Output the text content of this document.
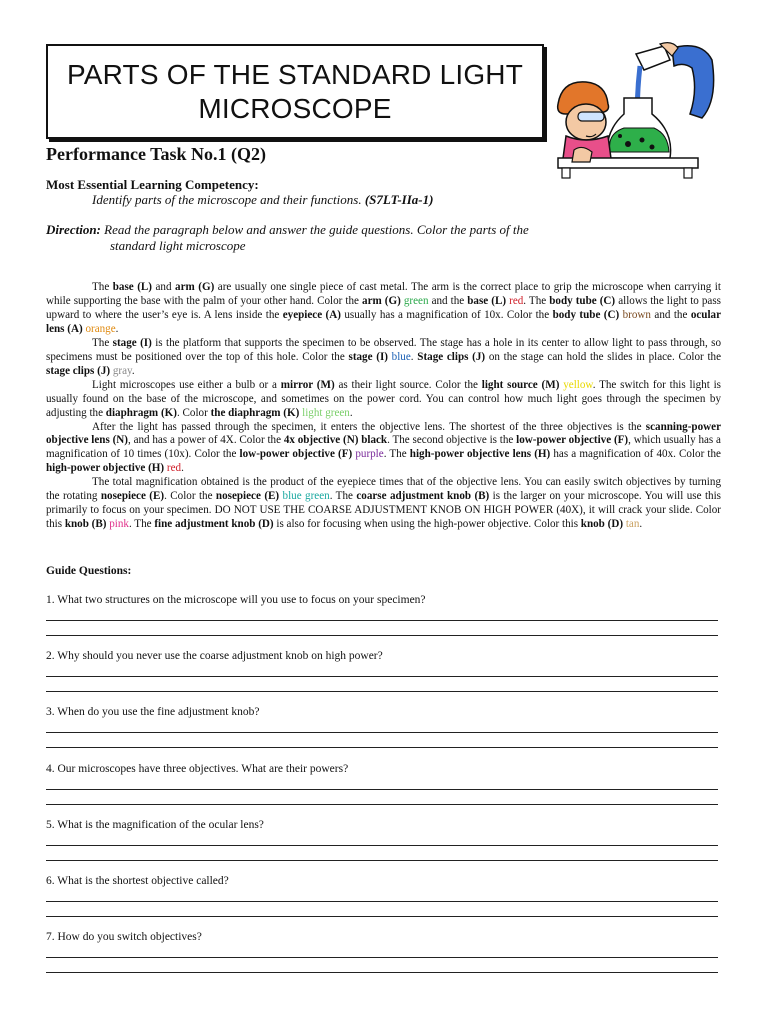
PARTS OF THE STANDARD LIGHT
MICROSCOPE
Performance Task No.1 (Q2)
Most Essential Learning Competency:
Identify parts of the microscope and their functions. (S7LT-IIa-1)
Direction: Read the paragraph below and answer the guide questions. Color the parts of the
standard light microscope

The base (L) and arm (G) are usually one single piece of cast metal. The arm is the correct place to grip the microscope when carrying it while supporting the base with the palm of your other hand. Color the arm (G) green and the base (L) red. The body tube (C) allows the light to pass upward to where the user’s eye is. A lens inside the eyepiece (A) usually has a magnification of 10x. Color the body tube (C) brown and the ocular lens (A) orange.

The stage (I) is the platform that supports the specimen to be observed. The stage has a hole in its center to allow light to pass through, so specimens must be positioned over the top of this hole. Color the stage (I) blue. Stage clips (J) on the stage can hold the slides in place. Color the stage clips (J) gray.

Light microscopes use either a bulb or a mirror (M) as their light source. Color the light source (M) yellow. The switch for this light is usually found on the base of the microscope, and sometimes on the power cord. You can control how much light goes through the specimen by adjusting the diaphragm (K). Color the diaphragm (K) light green.

After the light has passed through the specimen, it enters the objective lens. The shortest of the three objectives is the scanning-power objective lens (N), and has a power of 4X. Color the 4x objective (N) black. The second objective is the low-power objective (F), which usually has a magnification of 10 times (10x). Color the low-power objective (F) purple. The high-power objective lens (H) has a magnification of 40x. Color the high-power objective (H) red.

The total magnification obtained is the product of the eyepiece times that of the objective lens. You can easily switch objectives by turning the rotating nosepiece (E). Color the nosepiece (E) blue green. The coarse adjustment knob (B) is the larger on your microscope. You will use this primarily to focus on your specimen. DO NOT USE THE COARSE ADJUSTMENT KNOB ON HIGH POWER (40X), it will crack your slide. Color this knob (B) pink. The fine adjustment knob (D) is also for focusing when using the high-power objective. Color this knob (D) tan.

Guide Questions:
1. What two structures on the microscope will you use to focus on your specimen?
2. Why should you never use the coarse adjustment knob on high power?
3. When do you use the fine adjustment knob?
4. Our microscopes have three objectives. What are their powers?
5. What is the magnification of the ocular lens?
6. What is the shortest objective called?
7. How do you switch objectives?
